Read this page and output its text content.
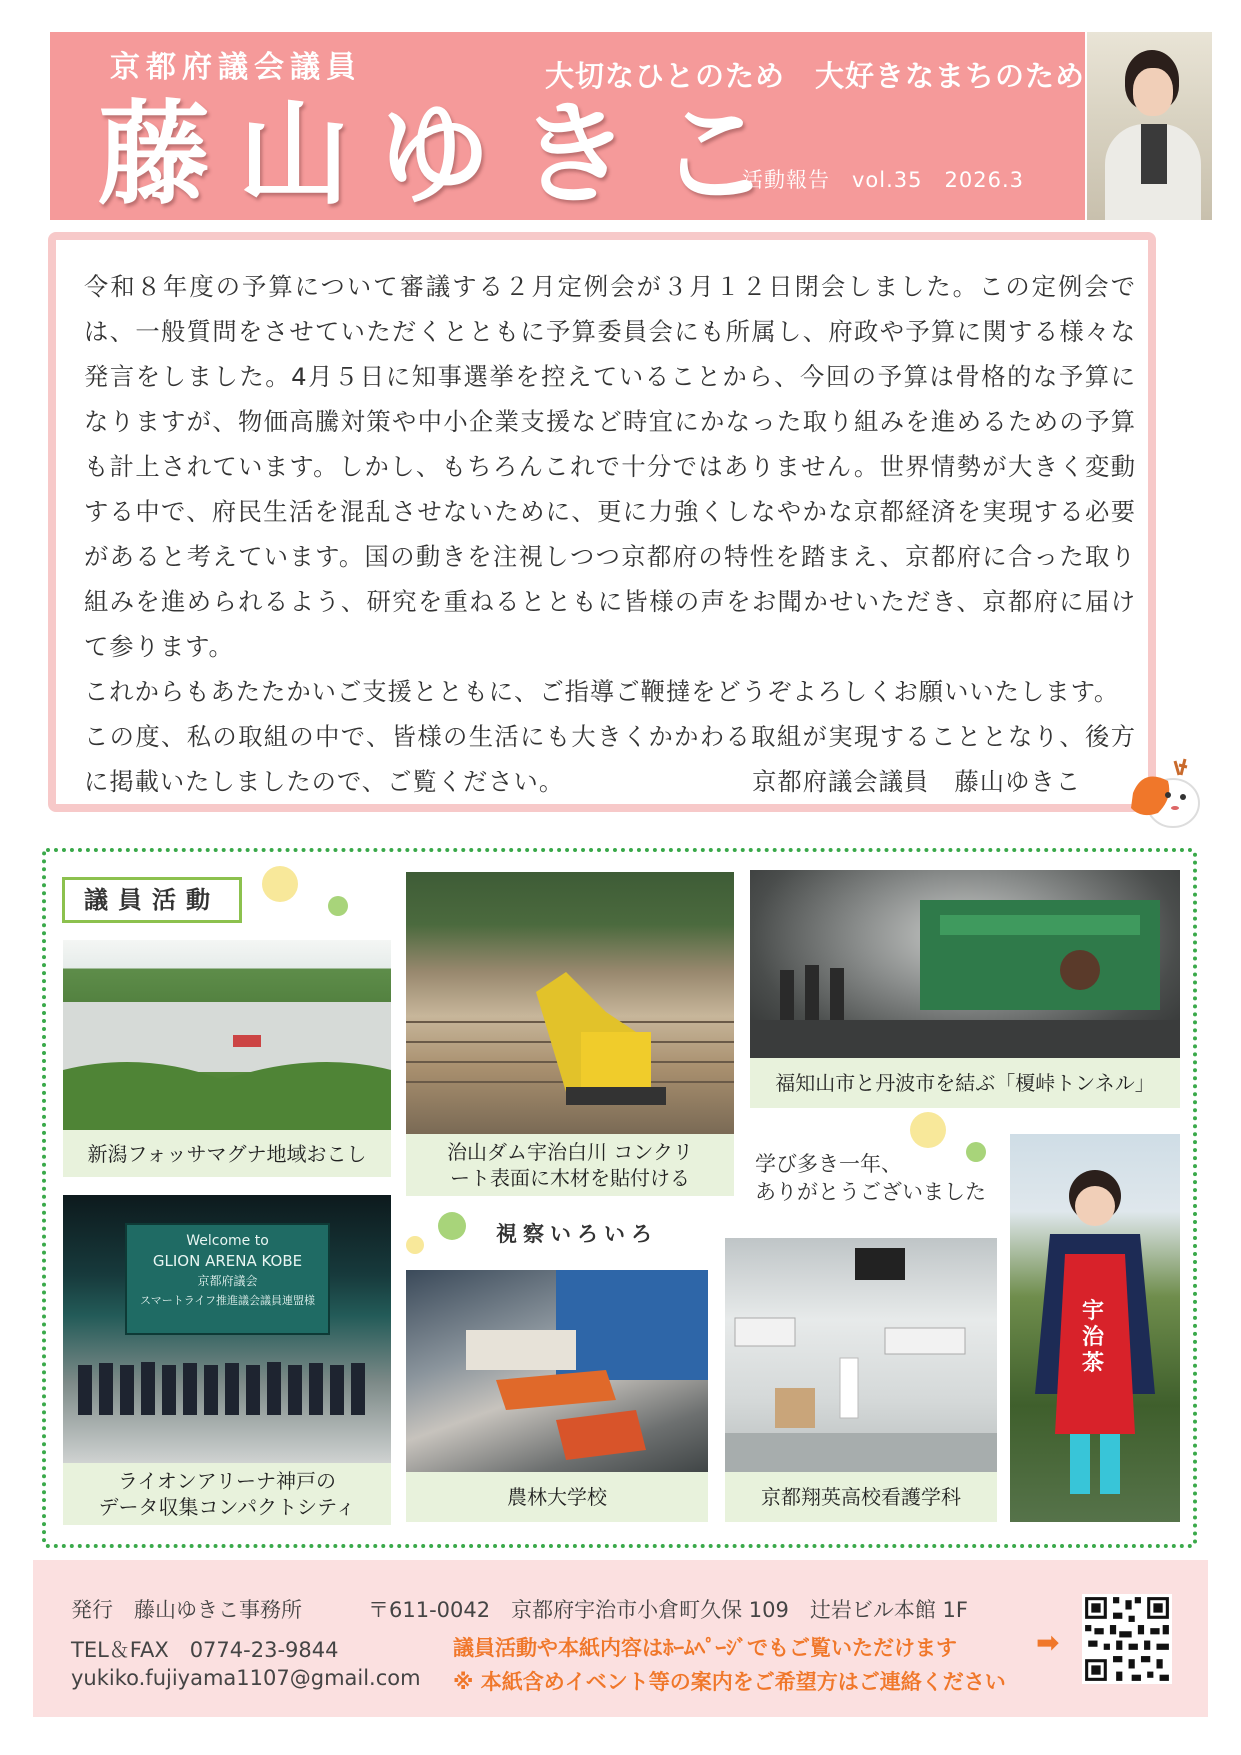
京都府議会議員
藤山ゆきこ
大切なひとのため　大好きなまちのため
活動報告　vol.35　2026.3

令和８年度の予算について審議する２月定例会が３月１２日閉会しました。この定例会では、一般質問をさせていただくとともに予算委員会にも所属し、府政や予算に関する様々な発言をしました。4月５日に知事選挙を控えていることから、今回の予算は骨格的な予算になりますが、物価高騰対策や中小企業支援など時宜にかなった取り組みを進めるための予算も計上されています。しかし、もちろんこれで十分ではありません。世界情勢が大きく変動する中で、府民生活を混乱させないために、更に力強くしなやかな京都経済を実現する必要があると考えています。国の動きを注視しつつ京都府の特性を踏まえ、京都府に合った取り組みを進められるよう、研究を重ねるとともに皆様の声をお聞かせいただき、京都府に届けて参ります。

これからもあたたかいご支援とともに、ご指導ご鞭撻をどうぞよろしくお願いいたします。

この度、私の取組の中で、皆様の生活にも大きくかかわる取組が実現することとなり、後方に掲載いたしましたので、ご覧ください。	京都府議会議員　藤山ゆきこ
議員活動
新潟フォッサマグナ地域おこし	治山ダム宇治白川 コンクリ
ート表面に木材を貼付ける
福知山市と丹波市を結ぶ「榎峠トンネル」
学び多き一年、
ありがとうございました
Welcome to
GLION ARENA KOBE
京都府議会
スマートライフ推進議会議員連盟様
ライオンアリーナ神戸の
データ収集コンパクトシティ
視察いろいろ
農林大学校	京都翔英高校看護学科
宇治茶
発行　藤山ゆきこ事務所	〒611-0042　京都府宇治市小倉町久保 109　辻岩ビル本館 1F
TEL＆FAX　0774-23-9844
yukiko.fujiyama1107@gmail.com
議員活動や本紙内容はﾎｰﾑﾍﾟｰｼﾞでもご覧いただけます
※ 本紙含めイベント等の案内をご希望方はご連絡ください
➡
